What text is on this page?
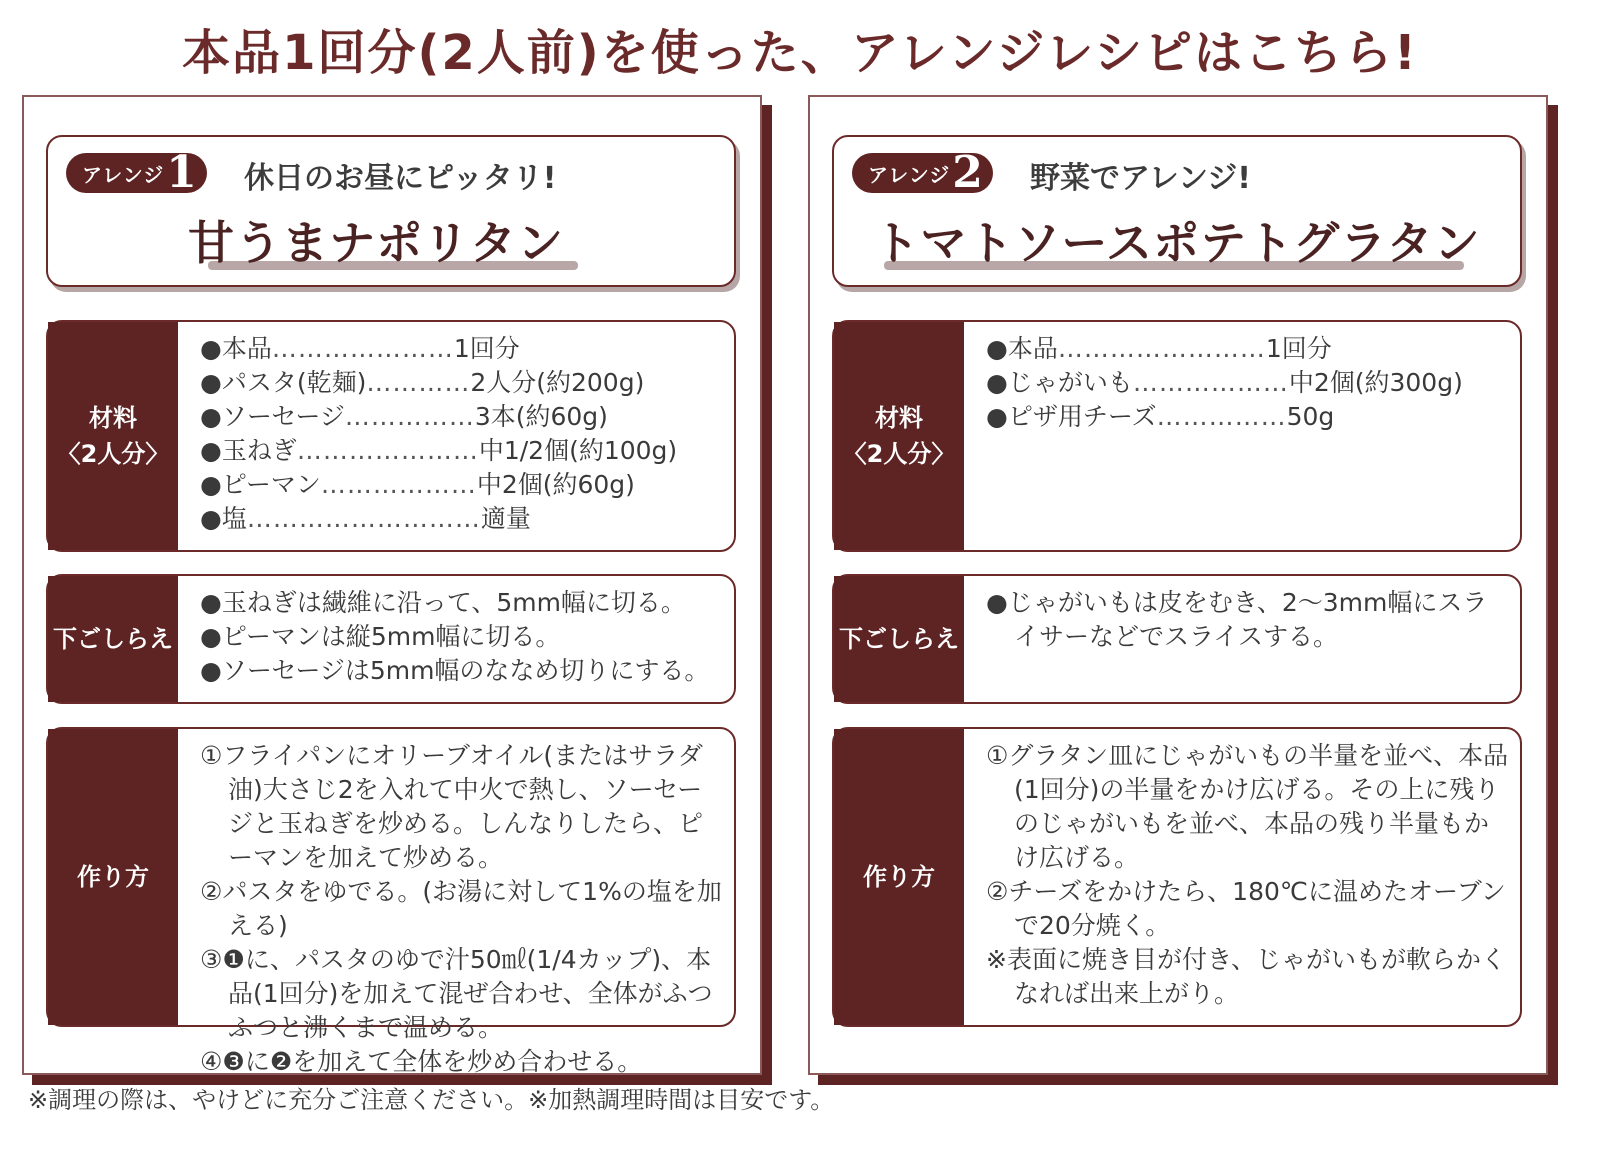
本品1回分(2人前)を使った、アレンジレシピはこちら!
アレンジ 1 休日のお昼にピッタリ!
甘うまナポリタン
材料
〈2人分〉
●本品 ………………… 1回分
●パスタ(乾麺) ………… 2人分(約200g)
●ソーセージ …………… 3本(約60g)
●玉ねぎ ………………… 中1/2個(約100g)
●ピーマン ……………… 中2個(約60g)
●塩 ……………………… 適量
下ごしらえ
●玉ねぎは繊維に沿って、5mm幅に切る。
●ピーマンは縦5mm幅に切る。
●ソーセージは5mm幅のななめ切りにする。
作り方
①フライパンにオリーブオイル(またはサラダ油)大さじ2を入れて中火で熱し、ソーセージと玉ねぎを炒める。しんなりしたら、ピーマンを加えて炒める。
②パスタをゆでる。(お湯に対して1%の塩を加える)
③❶に、パスタのゆで汁50㎖(1/4カップ)、本品(1回分)を加えて混ぜ合わせ、全体がふつふつと沸くまで温める。
④❸に❷を加えて全体を炒め合わせる。
アレンジ 2 野菜でアレンジ!
トマトソースポテトグラタン
材料
〈2人分〉
●本品 …………………… 1回分
●じゃがいも ……………… 中2個(約300g)
●ピザ用チーズ …………… 50g
下ごしらえ
●じゃがいもは皮をむき、2〜3mm幅にスライサーなどでスライスする。
作り方
①グラタン皿にじゃがいもの半量を並べ、本品(1回分)の半量をかけ広げる。その上に残りのじゃがいもを並べ、本品の残り半量もかけ広げる。
②チーズをかけたら、180℃に温めたオーブンで20分焼く。
※表面に焼き目が付き、じゃがいもが軟らかくなれば出来上がり。
※調理の際は、やけどに充分ご注意ください。※加熱調理時間は目安です。
